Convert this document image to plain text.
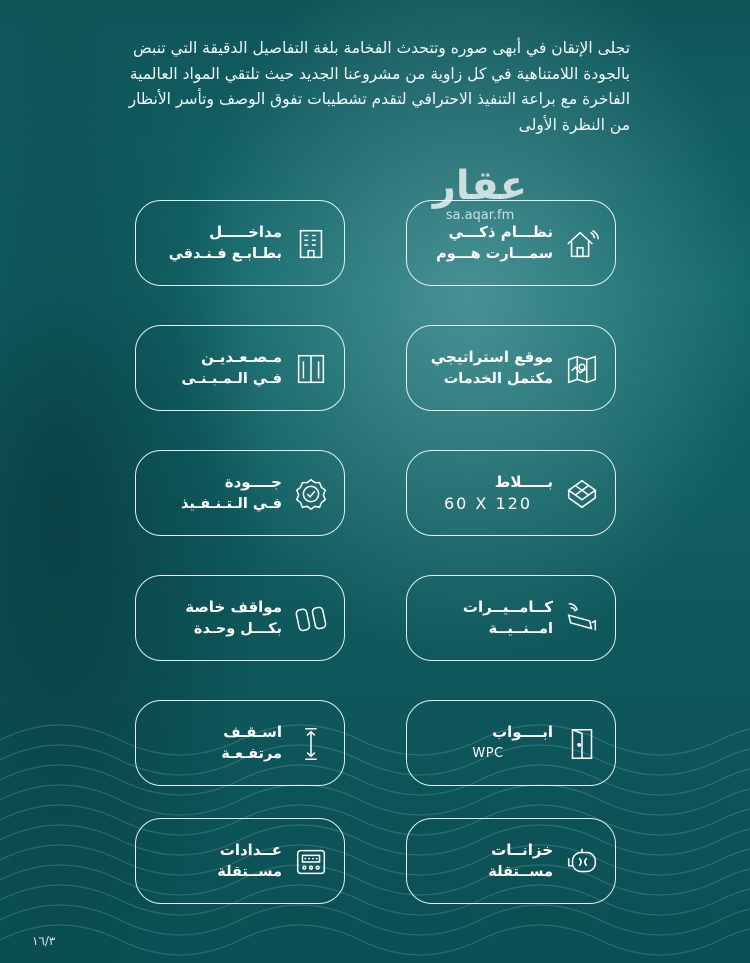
تجلى الإتقان في أبهى صوره وتتحدث الفخامة بلغة التفاصيل الدقيقة التي تنبض بالجودة اللامتناهية في كل زاوية من مشروعنا الجديد حيث تلتقي المواد العالمية الفاخرة مع براعة التنفيذ الاحترافي لتقدم تشطيبات تفوق الوصف وتأسر الأنظار من النظرة الأولى
عقار
sa.aqar.fm
نظـــام ذكـــي
سمـــارت هـــوم
مداخـــــل
بطـابـع فـنـدقي
موقع استراتيجي
مكتمل الخدمات
مـصـعـديـن
فـي الـمـبـنـى
بـــــلاط
60 X 120
جــــودة
فـي الـتـنـفـيذ
كــامــيــرات
امــنــيــة
مواقف خاصة
بكـــل وحـدة
ابــــواب
WPC
اسـقـف
مرتفـعـة
خزانــات
مســتقلة
عــدادات
مســتقلة
١٦/٣
